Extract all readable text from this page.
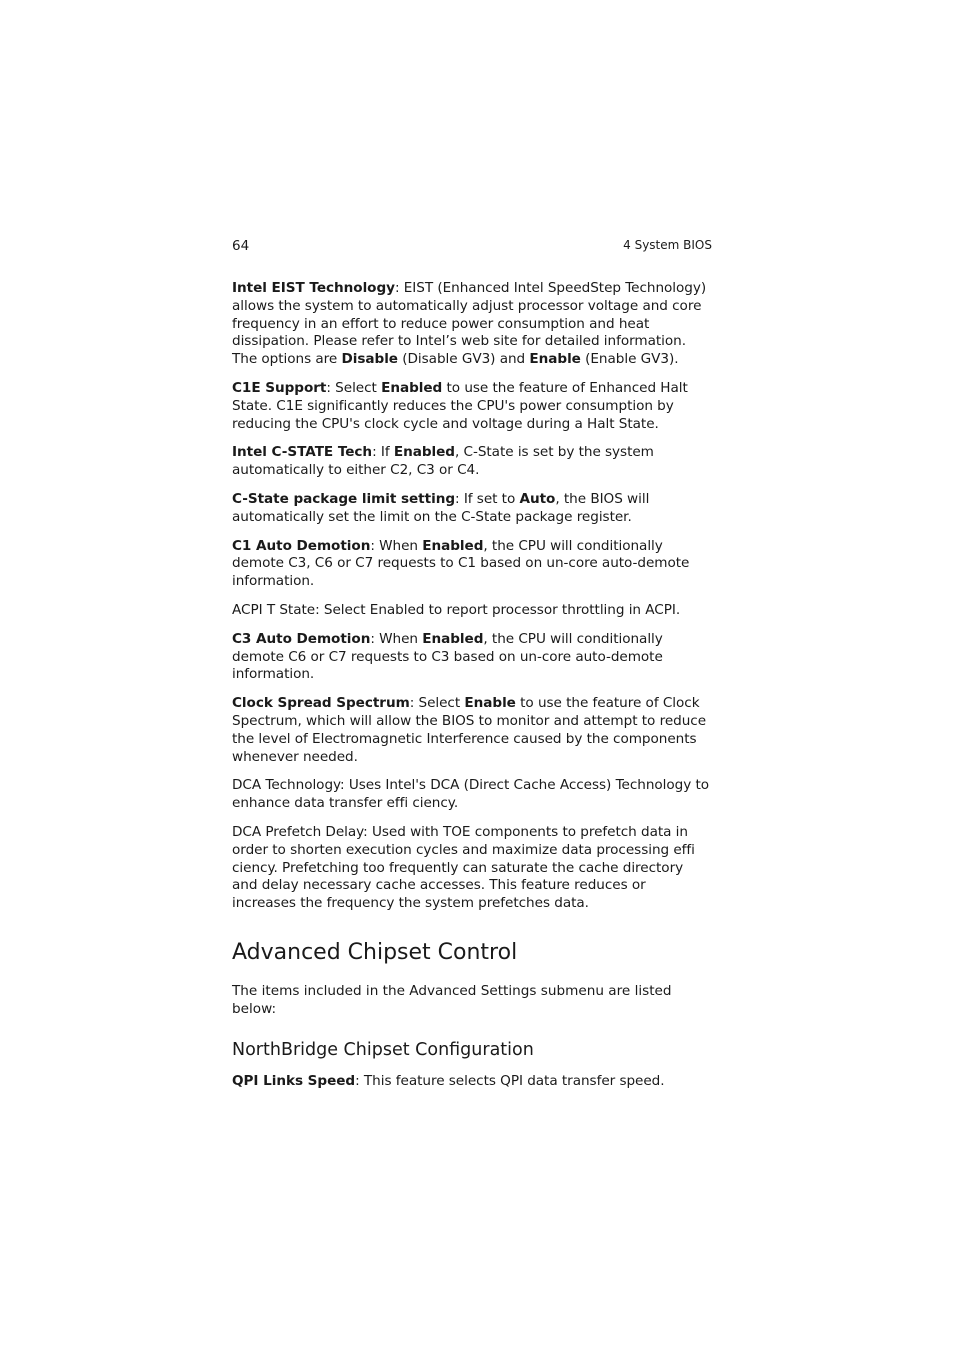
64	4 System BIOS

Intel EIST Technology: EIST (Enhanced Intel SpeedStep Technology) allows the system to automatically adjust processor voltage and core frequency in an effort to reduce power consumption and heat dissipation. Please refer to Intel’s web site for detailed information. The options are Disable (Disable GV3) and Enable (Enable GV3).

C1E Support: Select Enabled to use the feature of Enhanced Halt State. C1E significantly reduces the CPU's power consumption by reducing the CPU's clock cycle and voltage during a Halt State.

Intel C-STATE Tech: If Enabled, C-State is set by the system automatically to either C2, C3 or C4.

C-State package limit setting: If set to Auto, the BIOS will automatically set the limit on the C-State package register.

C1 Auto Demotion: When Enabled, the CPU will conditionally demote C3, C6 or C7 requests to C1 based on un-core auto-demote information.

ACPI T State: Select Enabled to report processor throttling in ACPI.

C3 Auto Demotion: When Enabled, the CPU will conditionally demote C6 or C7 requests to C3 based on un-core auto-demote information.

Clock Spread Spectrum: Select Enable to use the feature of Clock Spectrum, which will allow the BIOS to monitor and attempt to reduce the level of Electromagnetic Interference caused by the components whenever needed.

DCA Technology: Uses Intel's DCA (Direct Cache Access) Technology to enhance data transfer effi ciency.

DCA Prefetch Delay: Used with TOE components to prefetch data in order to shorten execution cycles and maximize data processing effi ciency. Prefetching too frequently can saturate the cache directory and delay necessary cache accesses. This feature reduces or increases the frequency the system prefetches data.

Advanced Chipset Control

The items included in the Advanced Settings submenu are listed below:

NorthBridge Chipset Configuration

QPI Links Speed: This feature selects QPI data transfer speed.
